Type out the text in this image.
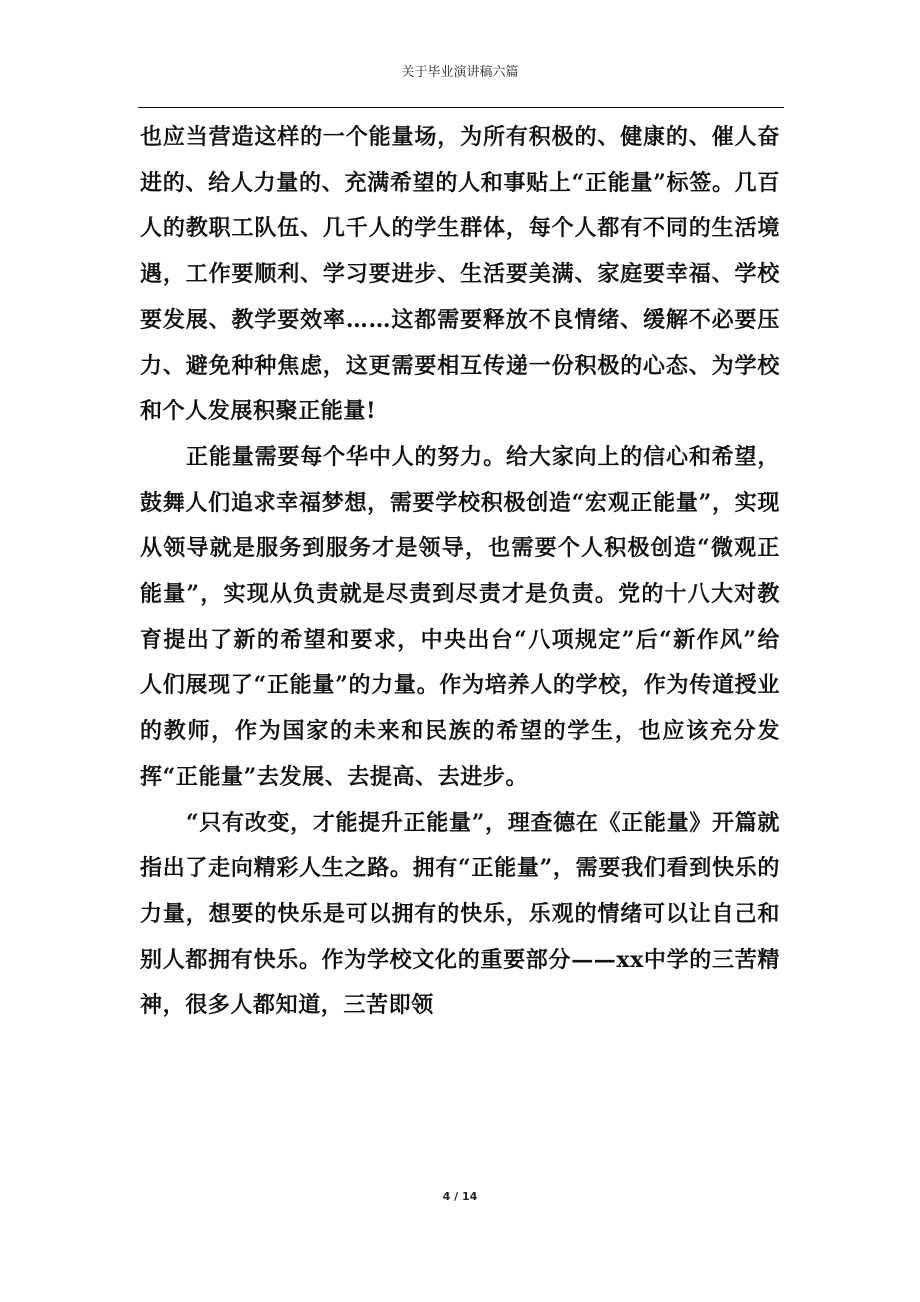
关于毕业演讲稿六篇

也应当营造这样的一个能量场，为所有积极的、健康的、催人奋进的、给人力量的、充满希望的人和事贴上“正能量”标签。几百人的教职工队伍、几千人的学生群体，每个人都有不同的生活境遇，工作要顺利、学习要进步、生活要美满、家庭要幸福、学校要发展、教学要效率……这都需要释放不良情绪、缓解不必要压力、避免种种焦虑，这更需要相互传递一份积极的心态、为学校和个人发展积聚正能量!

正能量需要每个华中人的努力。给大家向上的信心和希望，鼓舞人们追求幸福梦想，需要学校积极创造“宏观正能量”，实现从领导就是服务到服务才是领导，也需要个人积极创造“微观正能量”，实现从负责就是尽责到尽责才是负责。党的十八大对教育提出了新的希望和要求，中央出台“八项规定”后“新作风”给人们展现了“正能量”的力量。作为培养人的学校，作为传道授业的教师，作为国家的未来和民族的希望的学生，也应该充分发挥“正能量”去发展、去提高、去进步。

“只有改变，才能提升正能量”，理查德在《正能量》开篇就指出了走向精彩人生之路。拥有“正能量”，需要我们看到快乐的力量，想要的快乐是可以拥有的快乐，乐观的情绪可以让自己和别人都拥有快乐。作为学校文化的重要部分——xx中学的三苦精神，很多人都知道，三苦即领

4 / 14
